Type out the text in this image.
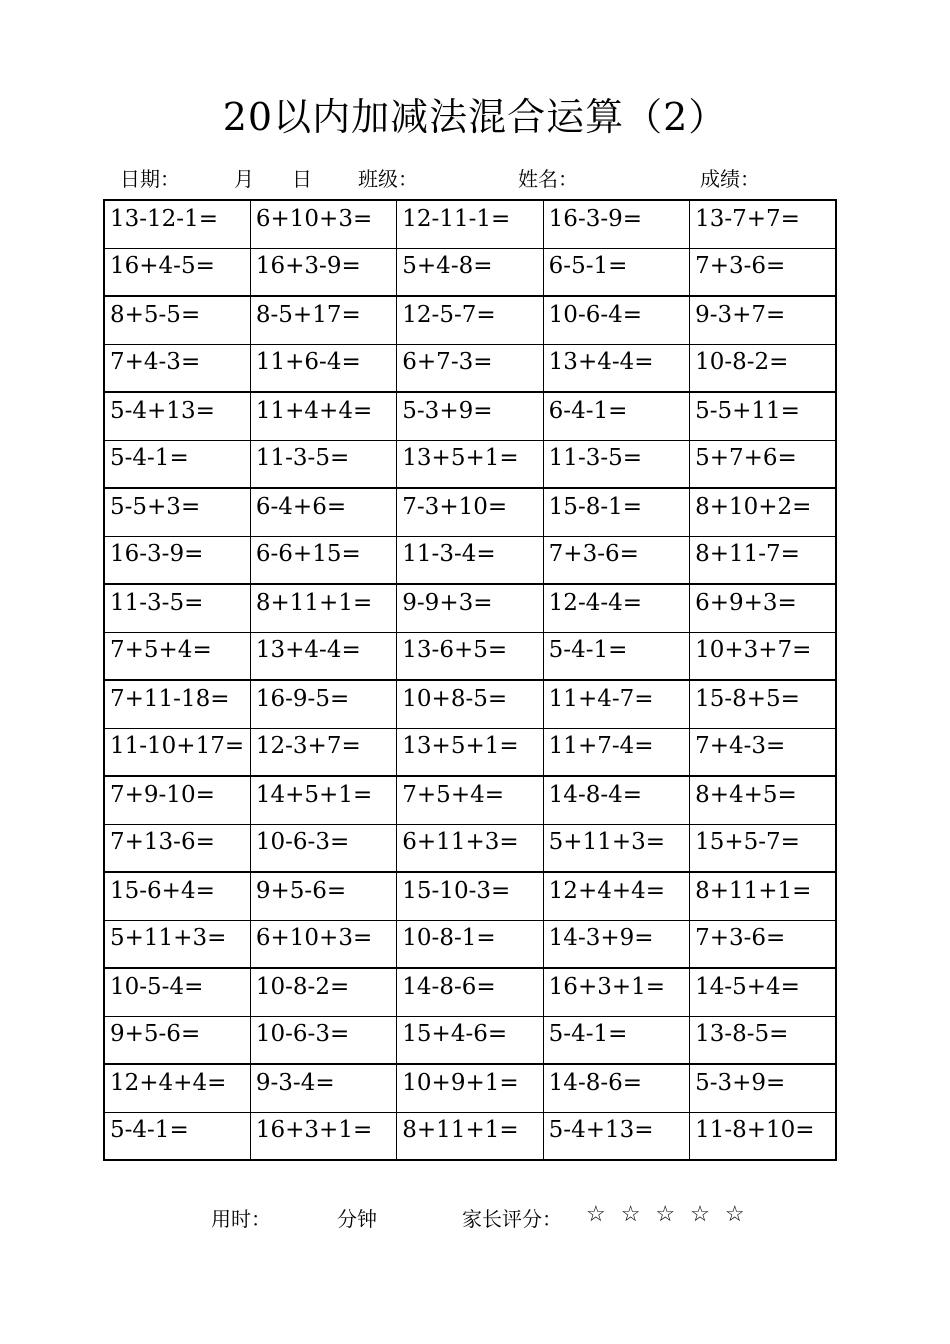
20以内加减法混合运算（2）
日期：	月 日 班级：	姓名：	成绩：
13-12-1=	6+10+3=	12-11-1=	16-3-9=	13-7+7=
16+4-5=	16+3-9=	5+4-8=	6-5-1=	7+3-6=
8+5-5=	8-5+17=	12-5-7=	10-6-4=	9-3+7=
7+4-3=	11+6-4=	6+7-3=	13+4-4=	10-8-2=
5-4+13=	11+4+4=	5-3+9=	6-4-1=	5-5+11=
5-4-1=	11-3-5=	13+5+1=	11-3-5=	5+7+6=
5-5+3=	6-4+6=	7-3+10=	15-8-1=	8+10+2=
16-3-9=	6-6+15=	11-3-4=	7+3-6=	8+11-7=
11-3-5=	8+11+1=	9-9+3=	12-4-4=	6+9+3=
7+5+4=	13+4-4=	13-6+5=	5-4-1=	10+3+7=
7+11-18=	16-9-5=	10+8-5=	11+4-7=	15-8+5=
11-10+17=	12-3+7=	13+5+1=	11+7-4=	7+4-3=
7+9-10=	14+5+1=	7+5+4=	14-8-4=	8+4+5=
7+13-6=	10-6-3=	6+11+3=	5+11+3=	15+5-7=
15-6+4=	9+5-6=	15-10-3=	12+4+4=	8+11+1=
5+11+3=	6+10+3=	10-8-1=	14-3+9=	7+3-6=
10-5-4=	10-8-2=	14-8-6=	16+3+1=	14-5+4=
9+5-6=	10-6-3=	15+4-6=	5-4-1=	13-8-5=
12+4+4=	9-3-4=	10+9+1=	14-8-6=	5-3+9=
5-4-1=	16+3+1=	8+11+1=	5-4+13=	11-8+10=
用时：	分钟	家长评分： ☆ ☆ ☆ ☆ ☆
